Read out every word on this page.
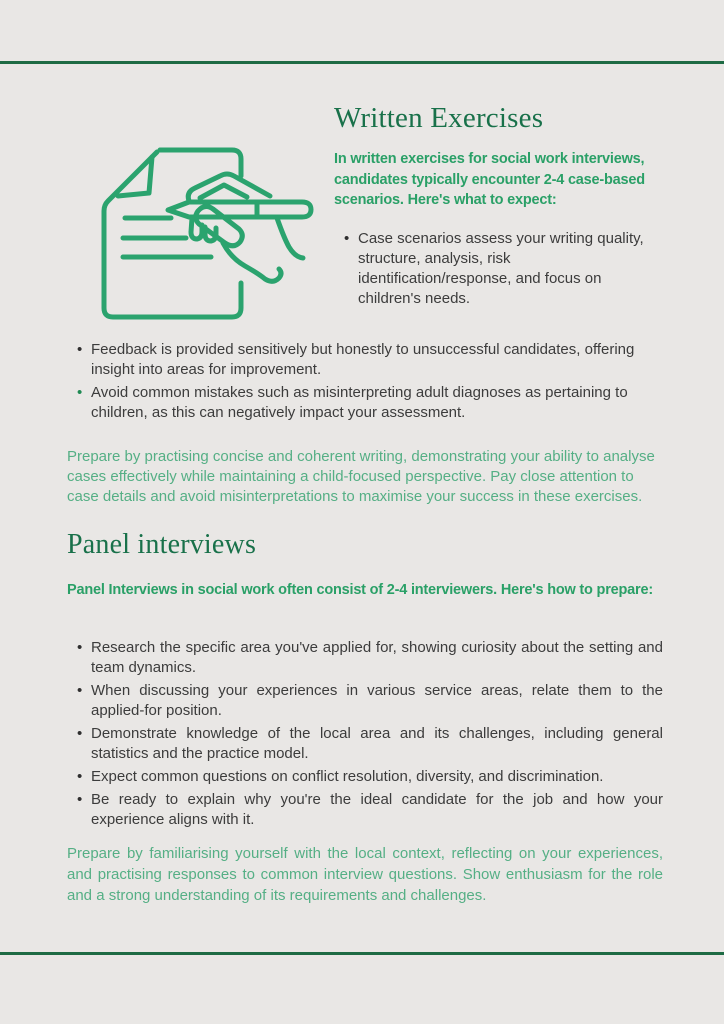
Written Exercises

In written exercises for social work interviews, candidates typically encounter 2-4 case-based scenarios. Here's what to expect:

• Case scenarios assess your writing quality, structure, analysis, risk identification/response, and focus on children's needs.
• Feedback is provided sensitively but honestly to unsuccessful candidates, offering insight into areas for improvement.
• Avoid common mistakes such as misinterpreting adult diagnoses as pertaining to children, as this can negatively impact your assessment.

Prepare by practising concise and coherent writing, demonstrating your ability to analyse cases effectively while maintaining a child-focused perspective. Pay close attention to case details and avoid misinterpretations to maximise your success in these exercises.

Panel interviews

Panel Interviews in social work often consist of 2-4 interviewers. Here's how to prepare:

• Research the specific area you've applied for, showing curiosity about the setting and team dynamics.
• When discussing your experiences in various service areas, relate them to the applied-for position.
• Demonstrate knowledge of the local area and its challenges, including general statistics and the practice model.
• Expect common questions on conflict resolution, diversity, and discrimination.
• Be ready to explain why you're the ideal candidate for the job and how your experience aligns with it.

Prepare by familiarising yourself with the local context, reflecting on your experiences, and practising responses to common interview questions. Show enthusiasm for the role and a strong understanding of its requirements and challenges.
